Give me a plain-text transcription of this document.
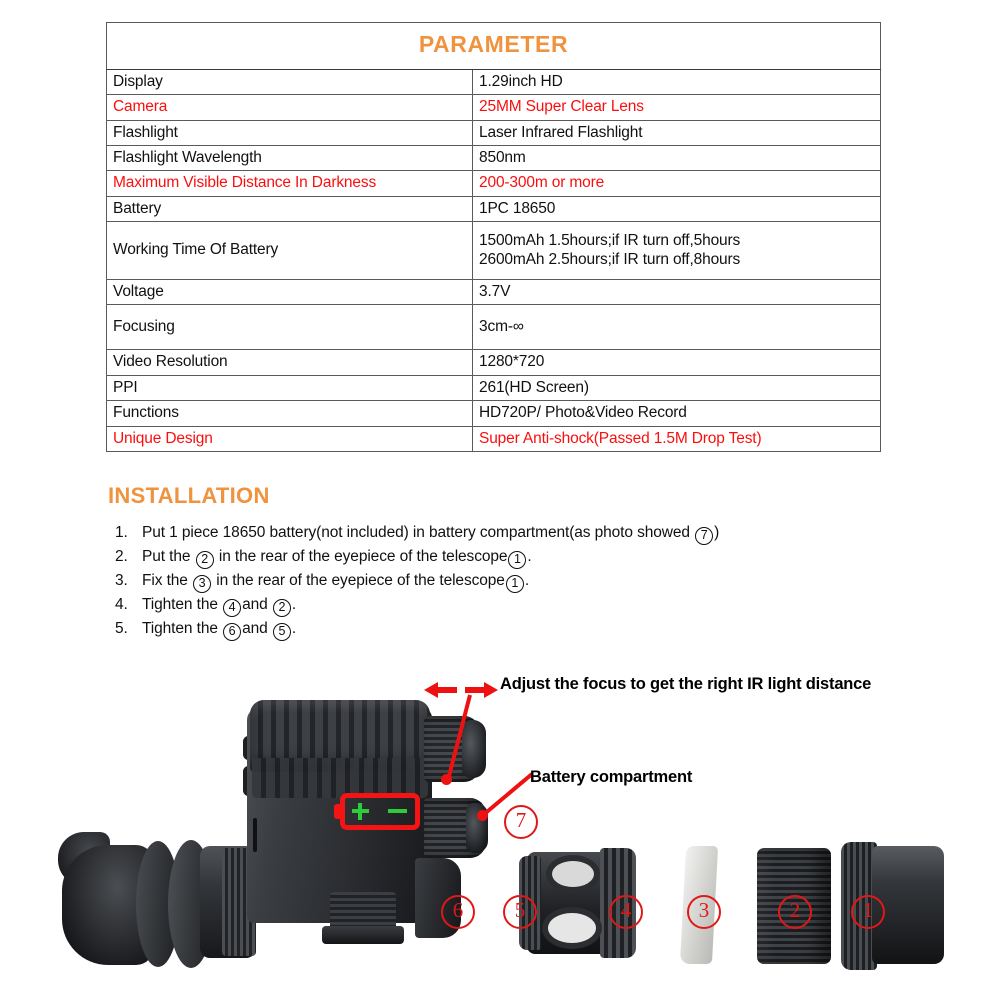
PARAMETER	
Display	1.29inch HD
Camera	25MM Super Clear Lens
Flashlight	Laser Infrared Flashlight
Flashlight Wavelength	850nm
Maximum Visible Distance In Darkness	200-300m or more
Battery	1PC 18650
Working Time Of Battery	1500mAh 1.5hours;if IR turn off,5hours
2600mAh 2.5hours;if IR turn off,8hours

Voltage	3.7V
Focusing	3cm-∞
Video Resolution	1280*720
PPI	261(HD Screen)
Functions	HD720P/ Photo&Video Record
Unique Design	Super Anti-shock(Passed 1.5M Drop Test)
INSTALLATION
1. Put 1 piece 18650 battery(not included) in battery compartment(as photo showed 7 )
2. Put the 2 in the rear of the eyepiece of the telescope 1 .
3. Fix the 3 in the rear of the eyepiece of the telescope 1 .
4. Tighten the 4 and 2 .
5. Tighten the 6 and 5 .
Adjust the focus to get the right IR light distance
Battery compartment
7
6	5	4	3	2	1
